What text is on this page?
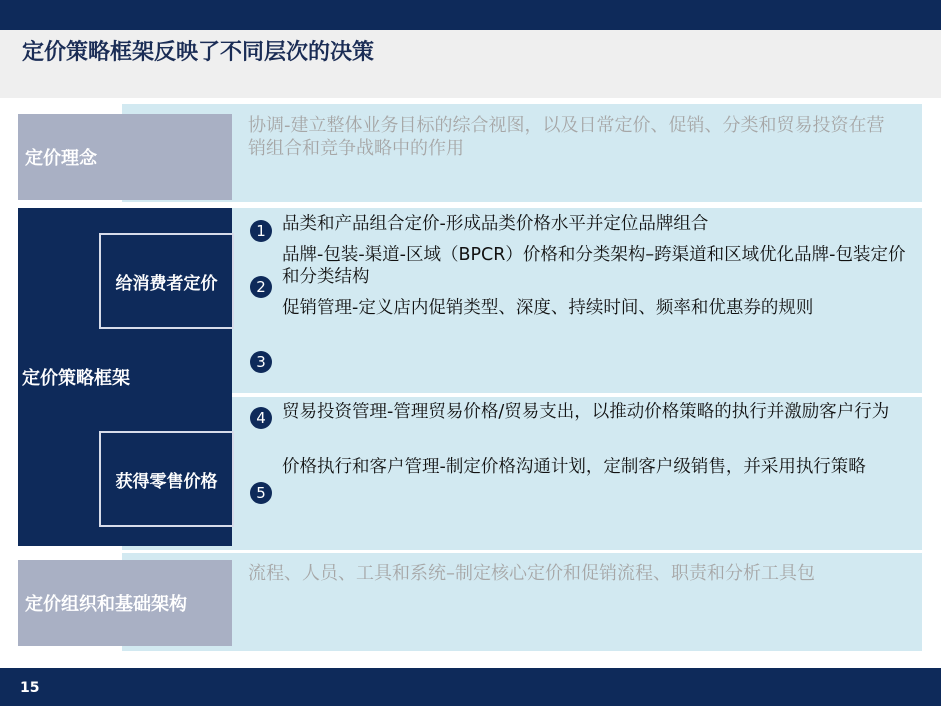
定价策略框架反映了不同层次的决策
定价理念
协调-建立整体业务目标的综合视图，以及日常定价、促销、分类和贸易投资在营销组合和竞争战略中的作用
定价策略框架
给消费者定价
获得零售价格
1
2
3
4
5
品类和产品组合定价-形成品类价格水平并定位品牌组合
品牌-包装-渠道-区域（BPCR）价格和分类架构–跨渠道和区域优化品牌-包装定价和分类结构
促销管理-定义店内促销类型、深度、持续时间、频率和优惠券的规则
贸易投资管理-管理贸易价格/贸易支出，以推动价格策略的执行并激励客户行为
价格执行和客户管理-制定价格沟通计划，定制客户级销售，并采用执行策略
定价组织和基础架构
流程、人员、工具和系统–制定核心定价和促销流程、职责和分析工具包
15
